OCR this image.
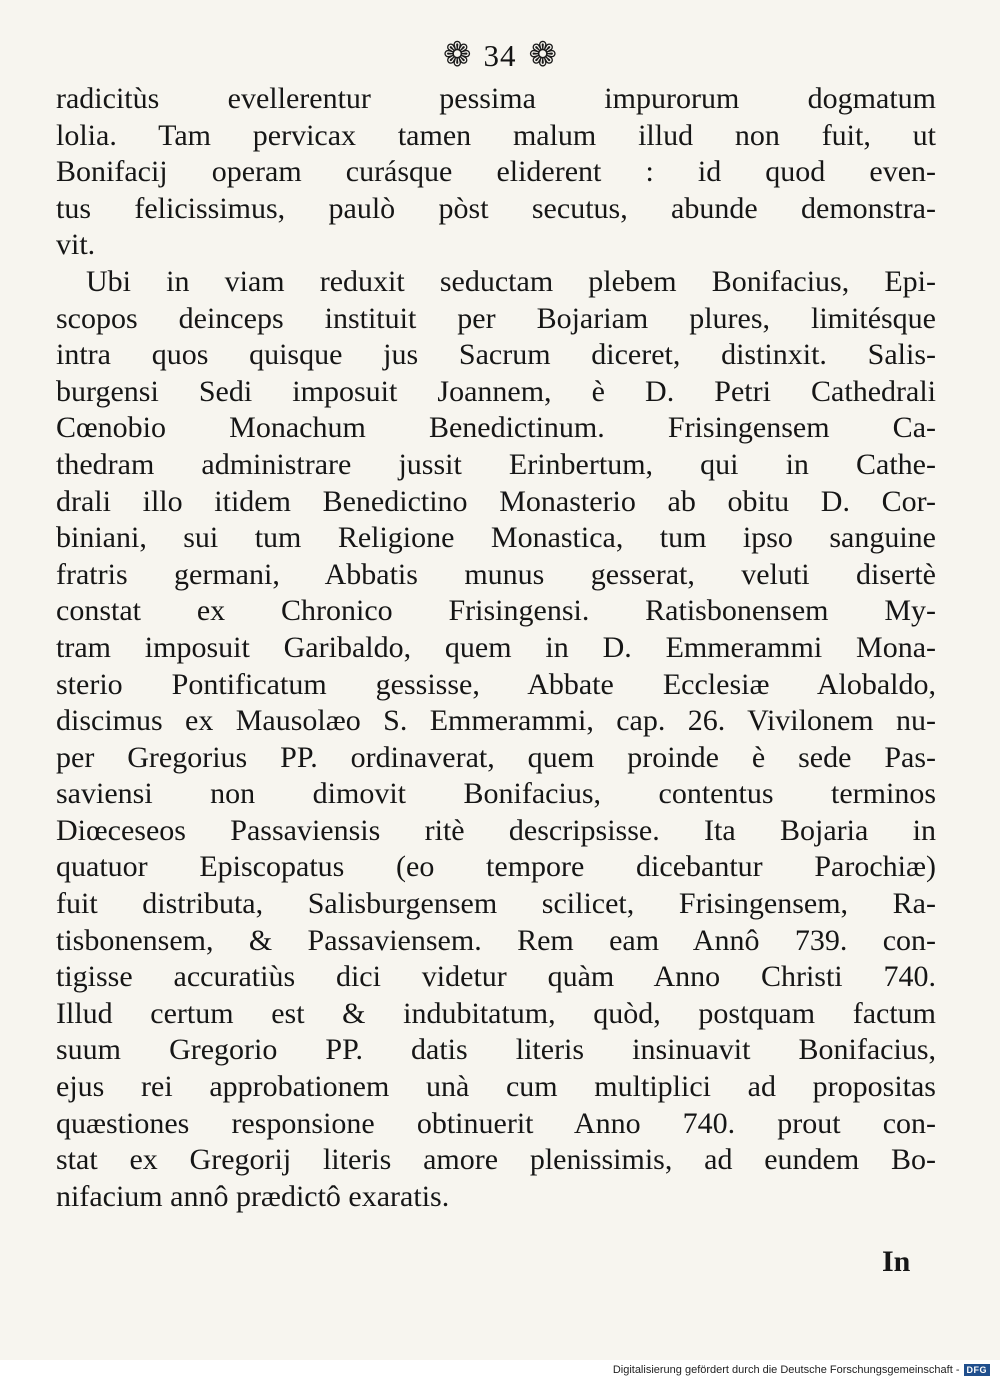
❁ 34 ❁
radicitùs evellerentur pessima impurorum dogmatum
lolia. Tam pervicax tamen malum illud non fuit, ut
Bonifacij operam curásque eliderent : id quod even-
tus felicissimus, paulò pòst secutus, abunde demonstra-
vit.
Ubi in viam reduxit seductam plebem Bonifacius, Epi-
scopos deinceps instituit per Bojariam plures, limitésque
intra quos quisque jus Sacrum diceret, distinxit. Salis-
burgensi Sedi imposuit Joannem, è D. Petri Cathedrali
Cœnobio Monachum Benedictinum. Frisingensem Ca-
thedram administrare jussit Erinbertum, qui in Cathe-
drali illo itidem Benedictino Monasterio ab obitu D. Cor-
biniani, sui tum Religione Monastica, tum ipso sanguine
fratris germani, Abbatis munus gesserat, veluti disertè
constat ex Chronico Frisingensi. Ratisbonensem My-
tram imposuit Garibaldo, quem in D. Emmerammi Mona-
sterio Pontificatum gessisse, Abbate Ecclesiæ Alobaldo,
discimus ex Mausolæo S. Emmerammi, cap. 26. Vivilonem nu-
per Gregorius PP. ordinaverat, quem proinde è sede Pas-
saviensi non dimovit Bonifacius, contentus terminos
Diœceseos Passaviensis ritè descripsisse. Ita Bojaria in
quatuor Episcopatus (eo tempore dicebantur Parochiæ)
fuit distributa, Salisburgensem scilicet, Frisingensem, Ra-
tisbonensem, & Passaviensem. Rem eam Annô 739. con-
tigisse accuratiùs dici videtur quàm Anno Christi 740.
Illud certum est & indubitatum, quòd, postquam factum
suum Gregorio PP. datis literis insinuavit Bonifacius,
ejus rei approbationem unà cum multiplici ad propositas
quæstiones responsione obtinuerit Anno 740. prout con-
stat ex Gregorij literis amore plenissimis, ad eundem Bo-
nifacium annô prædictô exaratis.
In
Digitalisierung gefördert durch die Deutsche Forschungsgemeinschaft - DFG
